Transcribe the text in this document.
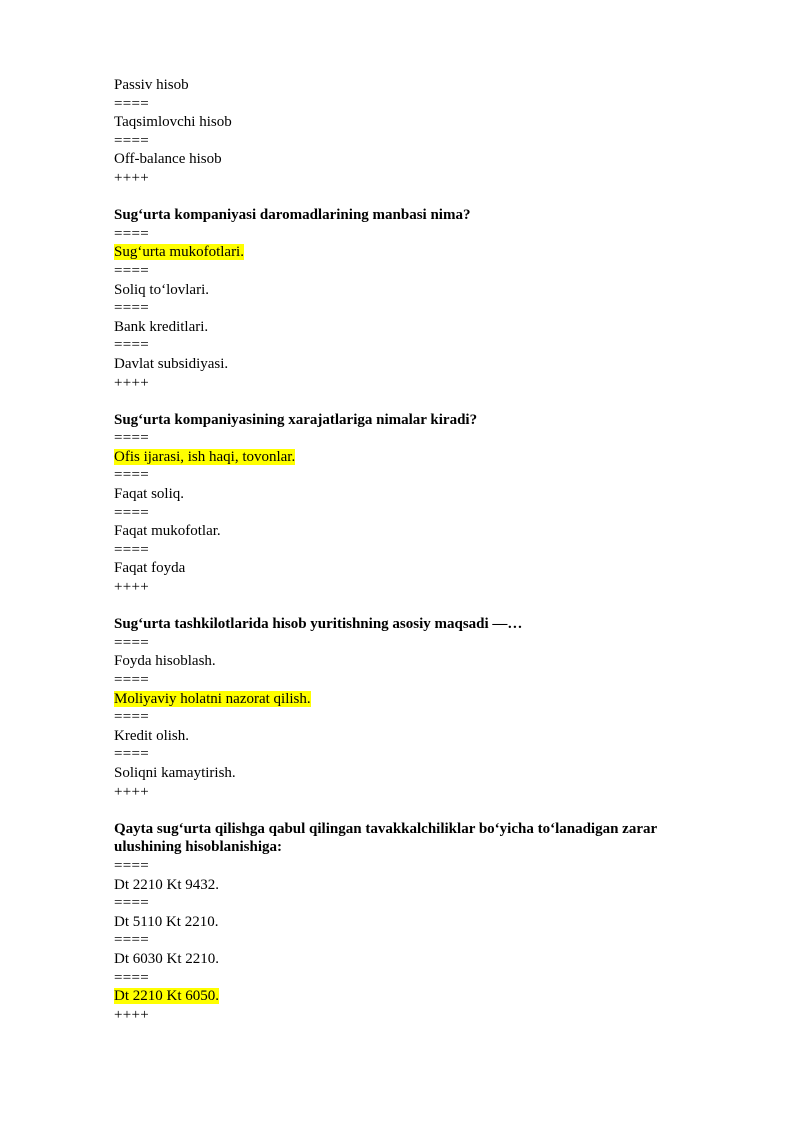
Passiv hisob
====
Taqsimlovchi hisob
====
Off-balance hisob
++++
Sug‘urta kompaniyasi daromadlarining manbasi nima?
====
Sug‘urta mukofotlari.
====
Soliq to‘lovlari.
====
Bank kreditlari.
====
Davlat subsidiyasi.
++++
Sug‘urta kompaniyasining xarajatlariga nimalar kiradi?
====
Ofis ijarasi, ish haqi, tovonlar.
====
Faqat soliq.
====
Faqat mukofotlar.
====
Faqat foyda
++++
Sug‘urta tashkilotlarida hisob yuritishning asosiy maqsadi —…
====
Foyda hisoblash.
====
Moliyaviy holatni nazorat qilish.
====
Kredit olish.
====
Soliqni kamaytirish.
++++
Qayta sug‘urta qilishga qabul qilingan tavakkalchiliklar bo‘yicha to‘lanadigan zarar ulushining hisoblanishiga:
====
Dt 2210 Kt 9432.
====
Dt 5110 Kt 2210.
====
Dt 6030 Kt 2210.
====
Dt 2210 Kt 6050.
++++
